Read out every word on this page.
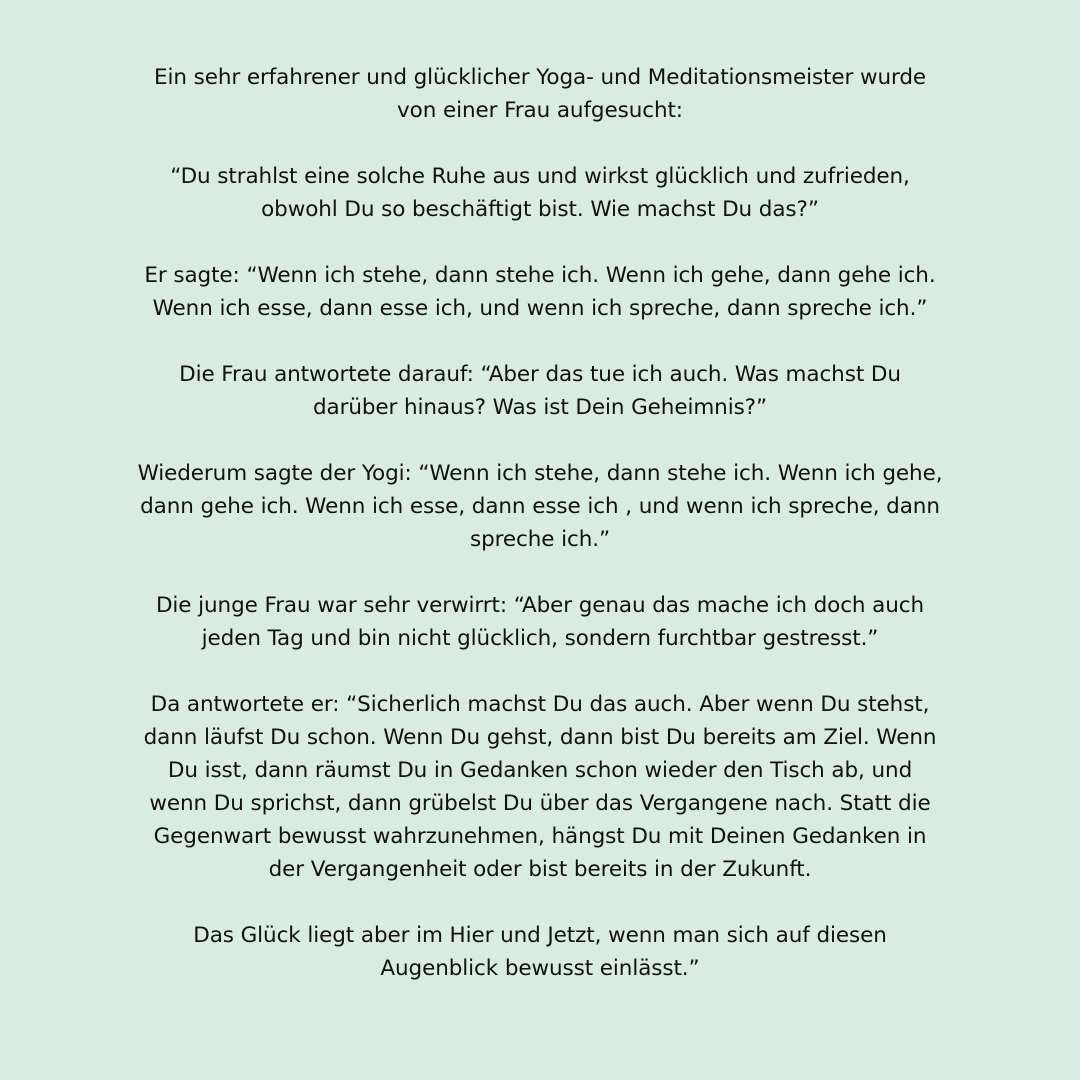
Ein sehr erfahrener und glücklicher Yoga- und Meditationsmeister wurde
von einer Frau aufgesucht:

“Du strahlst eine solche Ruhe aus und wirkst glücklich und zufrieden,
obwohl Du so beschäftigt bist. Wie machst Du das?”

Er sagte: “Wenn ich stehe, dann stehe ich. Wenn ich gehe, dann gehe ich.
Wenn ich esse, dann esse ich, und wenn ich spreche, dann spreche ich.”

Die Frau antwortete darauf: “Aber das tue ich auch. Was machst Du
darüber hinaus? Was ist Dein Geheimnis?”

Wiederum sagte der Yogi: “Wenn ich stehe, dann stehe ich. Wenn ich gehe,
dann gehe ich. Wenn ich esse, dann esse ich , und wenn ich spreche, dann
spreche ich.”

Die junge Frau war sehr verwirrt: “Aber genau das mache ich doch auch
jeden Tag und bin nicht glücklich, sondern furchtbar gestresst.”

Da antwortete er: “Sicherlich machst Du das auch. Aber wenn Du stehst,
dann läufst Du schon. Wenn Du gehst, dann bist Du bereits am Ziel. Wenn
Du isst, dann räumst Du in Gedanken schon wieder den Tisch ab, und
wenn Du sprichst, dann grübelst Du über das Vergangene nach. Statt die
Gegenwart bewusst wahrzunehmen, hängst Du mit Deinen Gedanken in
der Vergangenheit oder bist bereits in der Zukunft.

Das Glück liegt aber im Hier und Jetzt, wenn man sich auf diesen
Augenblick bewusst einlässt.”
